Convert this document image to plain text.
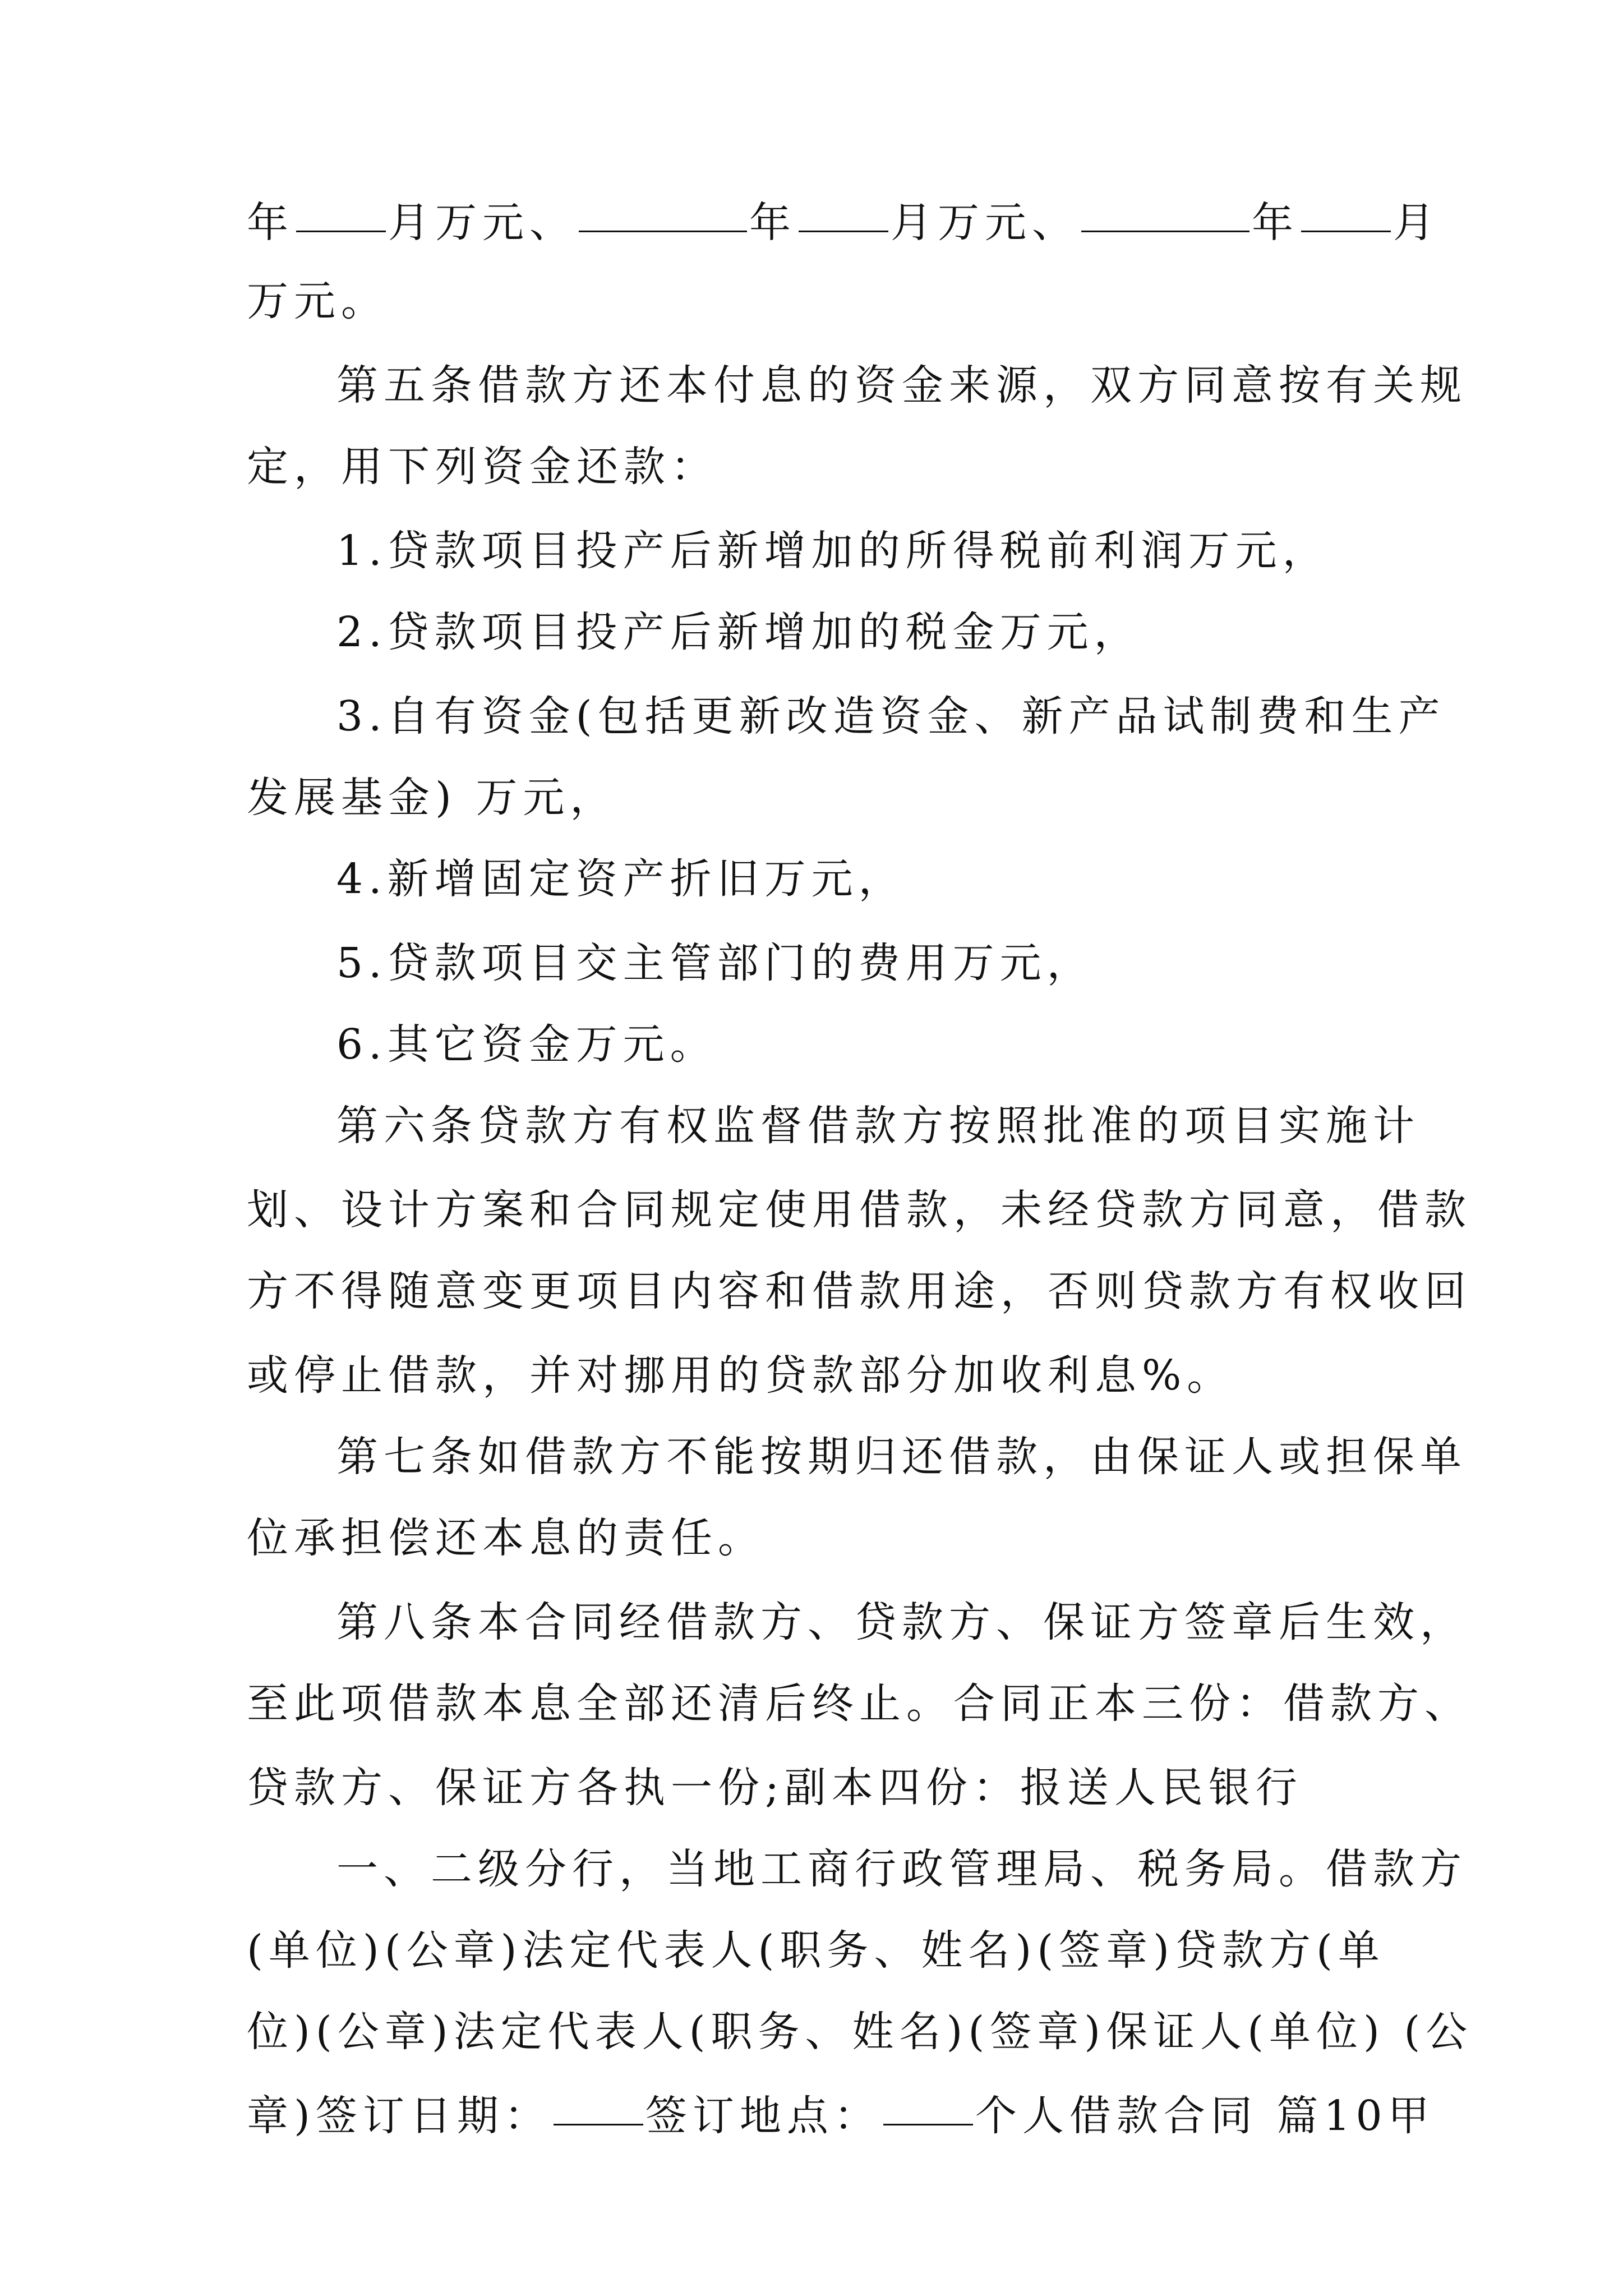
年 月万元、	年 月万元、	年 月
万元。
第五条借款方还本付息的资金来源，双方同意按有关规
定，用下列资金还款：
1.贷款项目投产后新增加的所得税前利润万元，
2.贷款项目投产后新增加的税金万元，
3.自有资金(包括更新改造资金、新产品试制费和生产
发展基金) 万元，
4.新增固定资产折旧万元，
5.贷款项目交主管部门的费用万元，
6.其它资金万元。
第六条贷款方有权监督借款方按照批准的项目实施计
划、设计方案和合同规定使用借款，未经贷款方同意，借款
方不得随意变更项目内容和借款用途，否则贷款方有权收回
或停止借款，并对挪用的贷款部分加收利息%。
第七条如借款方不能按期归还借款，由保证人或担保单
位承担偿还本息的责任。
第八条本合同经借款方、贷款方、保证方签章后生效，
至此项借款本息全部还清后终止。合同正本三份：借款方、
贷款方、保证方各执一份;副本四份：报送人民银行
一、二级分行，当地工商行政管理局、税务局。借款方
(单位)(公章)法定代表人(职务、姓名)(签章)贷款方(单
位)(公章)法定代表人(职务、姓名)(签章)保证人(单位) (公
章)签订日期： 签订地点： 个人借款合同 篇10甲
